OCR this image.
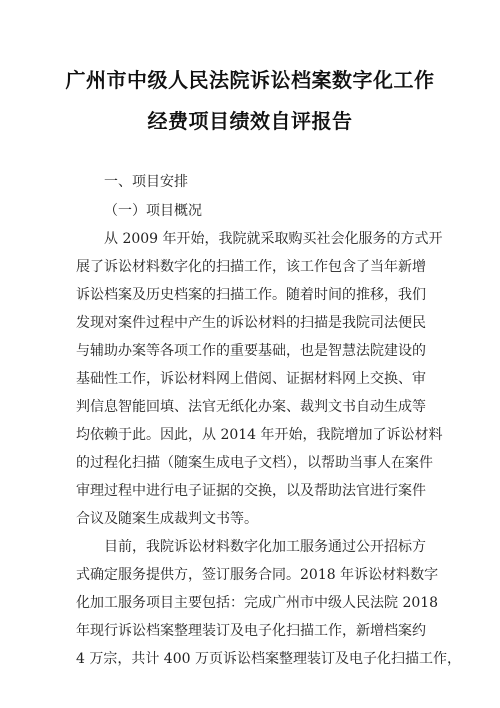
广州市中级人民法院诉讼档案数字化工作
经费项目绩效自评报告
一、项目安排
（一）项目概况
从 2009 年开始，我院就采取购买社会化服务的方式开
展了诉讼材料数字化的扫描工作，该工作包含了当年新增
诉讼档案及历史档案的扫描工作。随着时间的推移，我们
发现对案件过程中产生的诉讼材料的扫描是我院司法便民
与辅助办案等各项工作的重要基础，也是智慧法院建设的
基础性工作，诉讼材料网上借阅、证据材料网上交换、审
判信息智能回填、法官无纸化办案、裁判文书自动生成等
均依赖于此。因此，从 2014 年开始，我院增加了诉讼材料
的过程化扫描（随案生成电子文档），以帮助当事人在案件
审理过程中进行电子证据的交换，以及帮助法官进行案件
合议及随案生成裁判文书等。
目前，我院诉讼材料数字化加工服务通过公开招标方
式确定服务提供方，签订服务合同。2018 年诉讼材料数字
化加工服务项目主要包括：完成广州市中级人民法院 2018
年现行诉讼档案整理装订及电子化扫描工作，新增档案约
4 万宗，共计 400 万页诉讼档案整理装订及电子化扫描工作，
